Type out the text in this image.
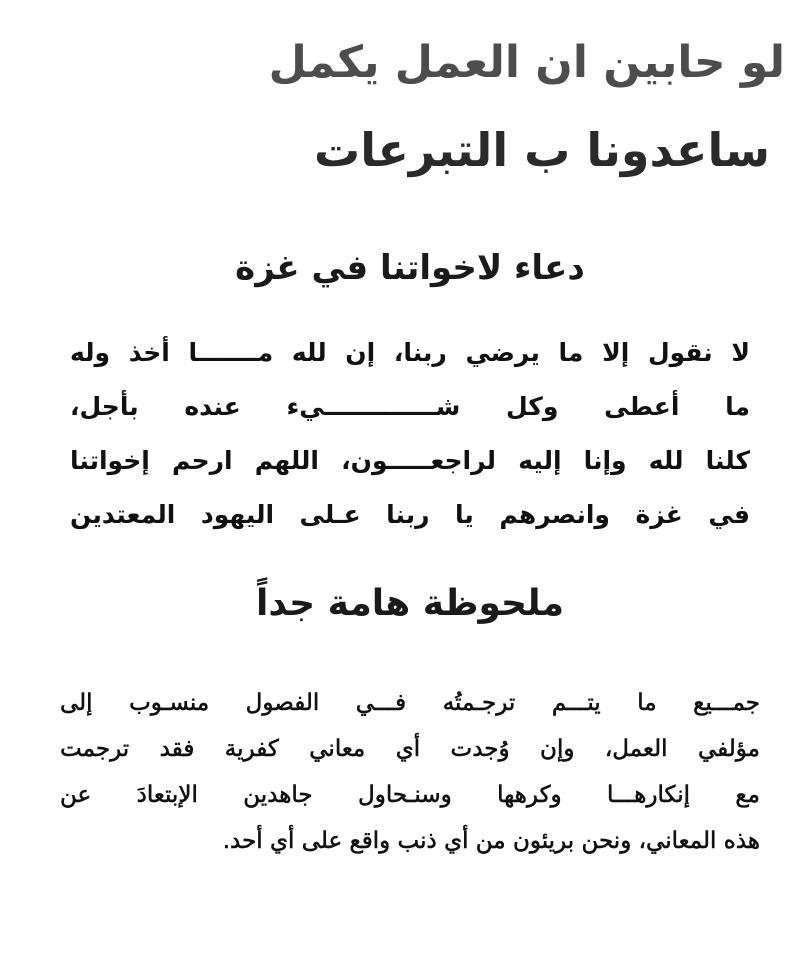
لو حابين ان العمل يكمل
ساعدونا ب التبرعات
دعاء لاخواتنا في غزة
لا نقول إلا ما يرضي ربنا، إن لله مـــــــا أخذ وله
ما أعطى وكل شـــــــــــــيء عنده بأجل،
كلنا لله وإنا إليه لراجعـــــون، اللهم ارحم إخواتنا
في غزة وانصرهم يا ربنا عـلى اليهود المعتدين
ملحوظة هامة جداً
جمـــيع ما يتـــم ترجـمتُه فـــي الفصول منسـوب إلى
مؤلفي العمل، وإن وُجدت أي معاني كفرية فقد ترجمت
مع إنكارهـــا وكرهها وسنـحاول جاهدين الإبتعادَ عن
هذه المعاني، ونحن بريئون من أي ذنب واقع على أي أحد.
